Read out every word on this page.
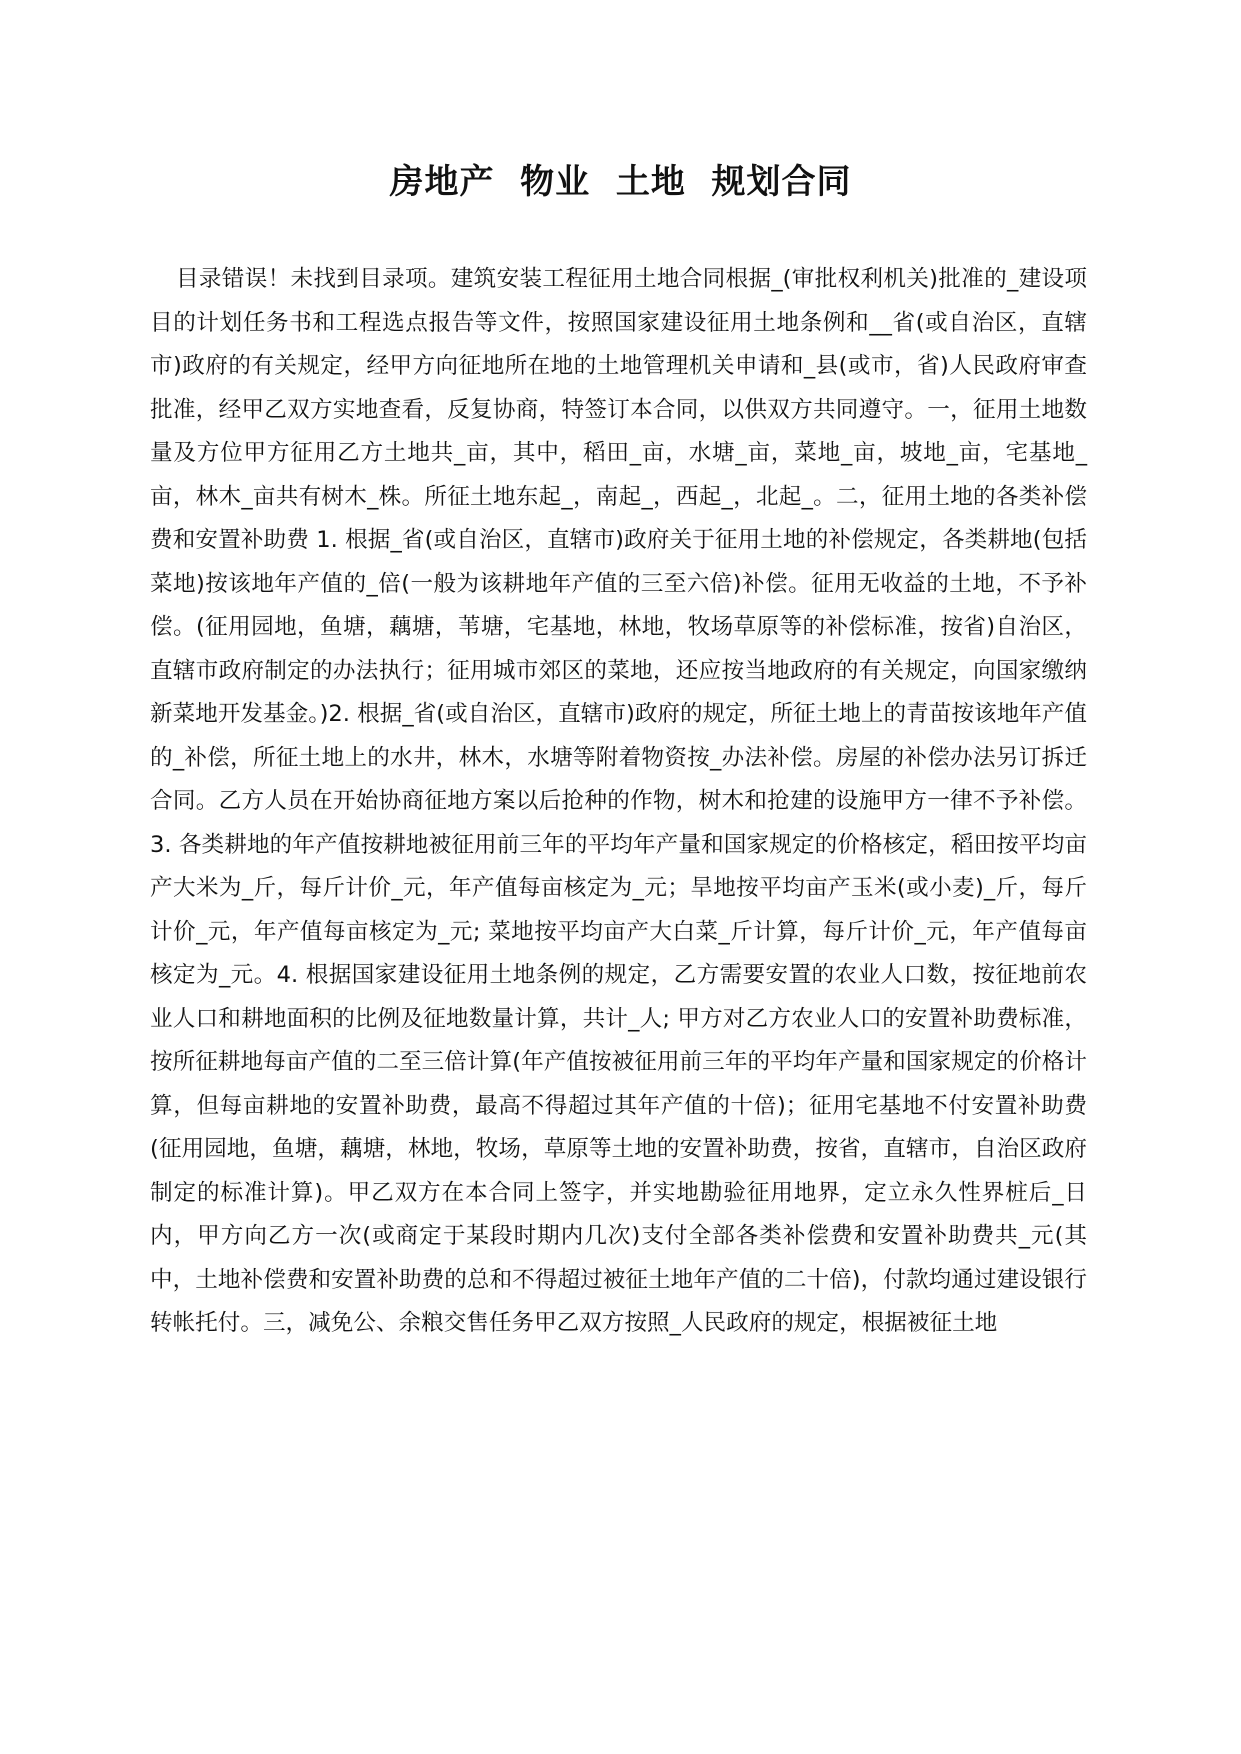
房地产  物业  土地  规划合同

目录错误！未找到目录项。建筑安装工程征用土地合同根据_(审批权利机关)批准的_建设项目的计划任务书和工程选点报告等文件，按照国家建设征用土地条例和__省(或自治区，直辖市)政府的有关规定，经甲方向征地所在地的土地管理机关申请和_县(或市，省)人民政府审查批准，经甲乙双方实地查看，反复协商，特签订本合同，以供双方共同遵守。一，征用土地数量及方位甲方征用乙方土地共_亩，其中，稻田_亩，水塘_亩，菜地_亩，坡地_亩，宅基地_亩，林木_亩共有树木_株。所征土地东起_，南起_，西起_，北起_。二，征用土地的各类补偿费和安置补助费 1. 根据_省(或自治区，直辖市)政府关于征用土地的补偿规定，各类耕地(包括菜地)按该地年产值的_倍(一般为该耕地年产值的三至六倍)补偿。征用无收益的土地，不予补偿。(征用园地，鱼塘，藕塘，苇塘，宅基地，林地，牧场草原等的补偿标准，按省)自治区，直辖市政府制定的办法执行；征用城市郊区的菜地，还应按当地政府的有关规定，向国家缴纳新菜地开发基金。)2. 根据_省(或自治区，直辖市)政府的规定，所征土地上的青苗按该地年产值的_补偿，所征土地上的水井，林木，水塘等附着物资按_办法补偿。房屋的补偿办法另订拆迁合同。乙方人员在开始协商征地方案以后抢种的作物，树木和抢建的设施甲方一律不予补偿。3. 各类耕地的年产值按耕地被征用前三年的平均年产量和国家规定的价格核定，稻田按平均亩产大米为_斤，每斤计价_元，年产值每亩核定为_元；旱地按平均亩产玉米(或小麦)_斤，每斤计价_元，年产值每亩核定为_元; 菜地按平均亩产大白菜_斤计算，每斤计价_元，年产值每亩核定为_元。4. 根据国家建设征用土地条例的规定，乙方需要安置的农业人口数，按征地前农业人口和耕地面积的比例及征地数量计算，共计_人; 甲方对乙方农业人口的安置补助费标准，按所征耕地每亩产值的二至三倍计算(年产值按被征用前三年的平均年产量和国家规定的价格计算，但每亩耕地的安置补助费，最高不得超过其年产值的十倍)；征用宅基地不付安置补助费(征用园地，鱼塘，藕塘，林地，牧场，草原等土地的安置补助费，按省，直辖市，自治区政府制定的标准计算)。甲乙双方在本合同上签字，并实地勘验征用地界，定立永久性界桩后_日内，甲方向乙方一次(或商定于某段时期内几次)支付全部各类补偿费和安置补助费共_元(其中，土地补偿费和安置补助费的总和不得超过被征土地年产值的二十倍)，付款均通过建设银行转帐托付。三，减免公、余粮交售任务甲乙双方按照_人民政府的规定，根据被征土地
